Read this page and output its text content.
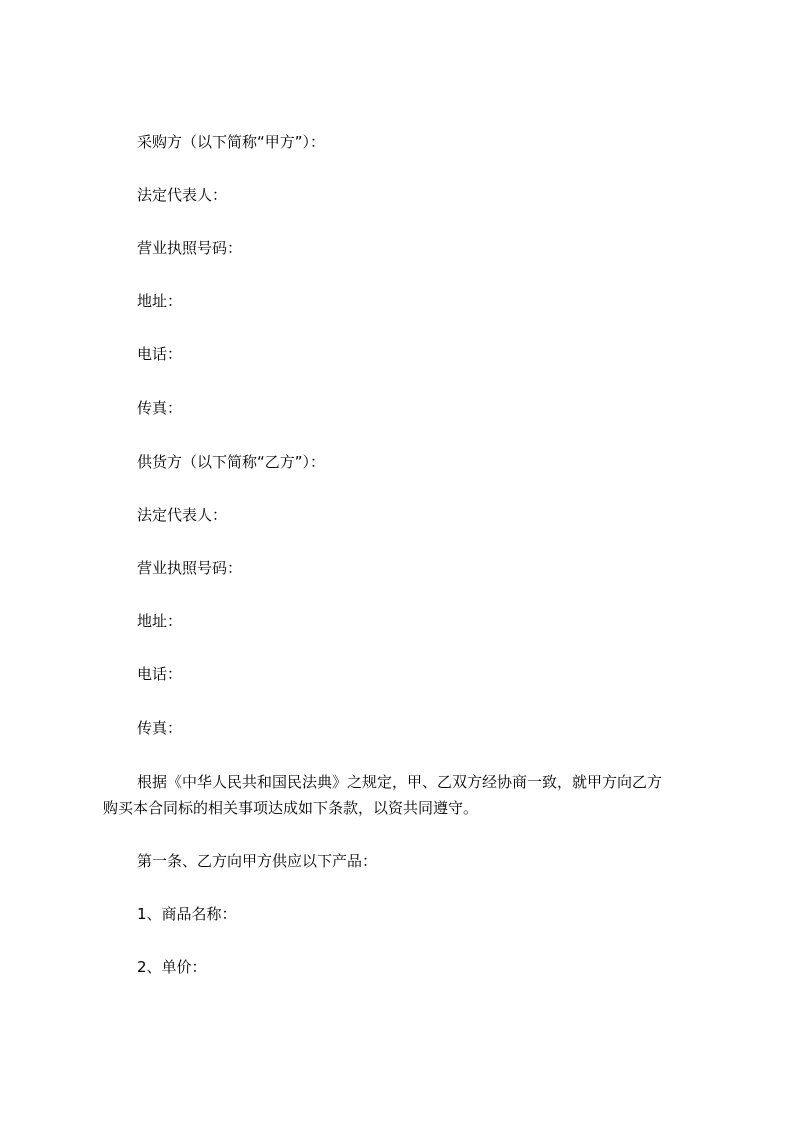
采购方（以下简称“甲方”）：
法定代表人：
营业执照号码：
地址：
电话：
传真：
供货方（以下简称“乙方”）：
法定代表人：
营业执照号码：
地址：
电话：
传真：
根据《中华人民共和国民法典》之规定，甲、乙双方经协商一致，就甲方向乙方
购买本合同标的相关事项达成如下条款，以资共同遵守。
第一条、乙方向甲方供应以下产品：
1、商品名称：
2、单价：
